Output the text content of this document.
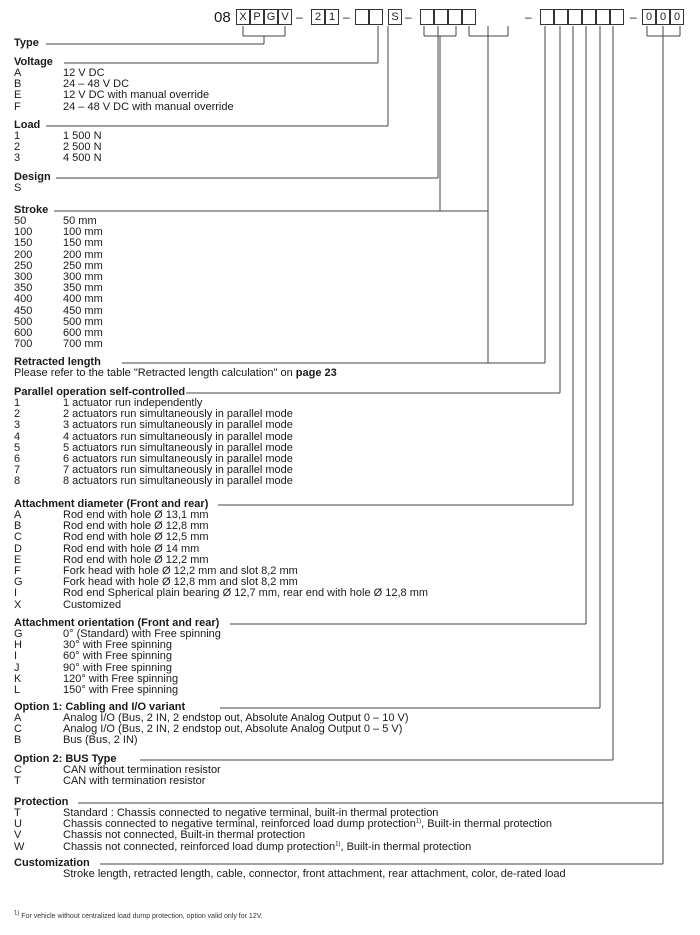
08 X P G V	2 1	S	0 0 0
–	–	–	–	–
Type
Voltage
A	12 V DC
B	24 – 48 V DC
E	12 V DC with manual override
F	24 – 48 V DC with manual override
Load
1	1 500 N
2	2 500 N
3	4 500 N
Design
S
Stroke
50	50 mm
100	100 mm
150	150 mm
200	200 mm
250	250 mm
300	300 mm
350	350 mm
400	400 mm
450	450 mm
500	500 mm
600	600 mm
700	700 mm
Retracted length
Please refer to the table "Retracted length calculation" on page 23
Parallel operation self-controlled
1	1 actuator run independently
2	2 actuators run simultaneously in parallel mode
3	3 actuators run simultaneously in parallel mode
4	4 actuators run simultaneously in parallel mode
5	5 actuators run simultaneously in parallel mode
6	6 actuators run simultaneously in parallel mode
7	7 actuators run simultaneously in parallel mode
8	8 actuators run simultaneously in parallel mode
Attachment diameter (Front and rear)
A	Rod end with hole Ø 13,1 mm
B	Rod end with hole Ø 12,8 mm
C	Rod end with hole Ø 12,5 mm
D	Rod end with hole Ø 14 mm
E	Rod end with hole Ø 12,2 mm
F	Fork head with hole Ø 12,2 mm and slot 8,2 mm
G	Fork head with hole Ø 12,8 mm and slot 8,2 mm
I	Rod end Spherical plain bearing Ø 12,7 mm, rear end with hole Ø 12,8 mm
X	Customized
Attachment orientation (Front and rear)
G	0° (Standard) with Free spinning
H	30° with Free spinning
I	60° with Free spinning
J	90° with Free spinning
K	120° with Free spinning
L	150° with Free spinning
Option 1: Cabling and I/O variant
A	Analog I/O (Bus, 2 IN, 2 endstop out, Absolute Analog Output 0 – 10 V)
C	Analog I/O (Bus, 2 IN, 2 endstop out, Absolute Analog Output 0 – 5 V)
B	Bus (Bus, 2 IN)
Option 2: BUS Type
C	CAN without termination resistor
T	CAN with termination resistor
Protection
T	Standard : Chassis connected to negative terminal, built-in thermal protection
U	Chassis connected to negative terminal, reinforced load dump protection$^{1)}$, Built-in thermal protection
V	Chassis not connected, Built-in thermal protection
W	Chassis not connected, reinforced load dump protection$^{1)}$, Built-in thermal protection
Customization
Stroke length, retracted length, cable, connector, front attachment, rear attachment, color, de-rated load
$^{1)}$ For vehicle without centralized load dump protection, option valid only for 12V.
